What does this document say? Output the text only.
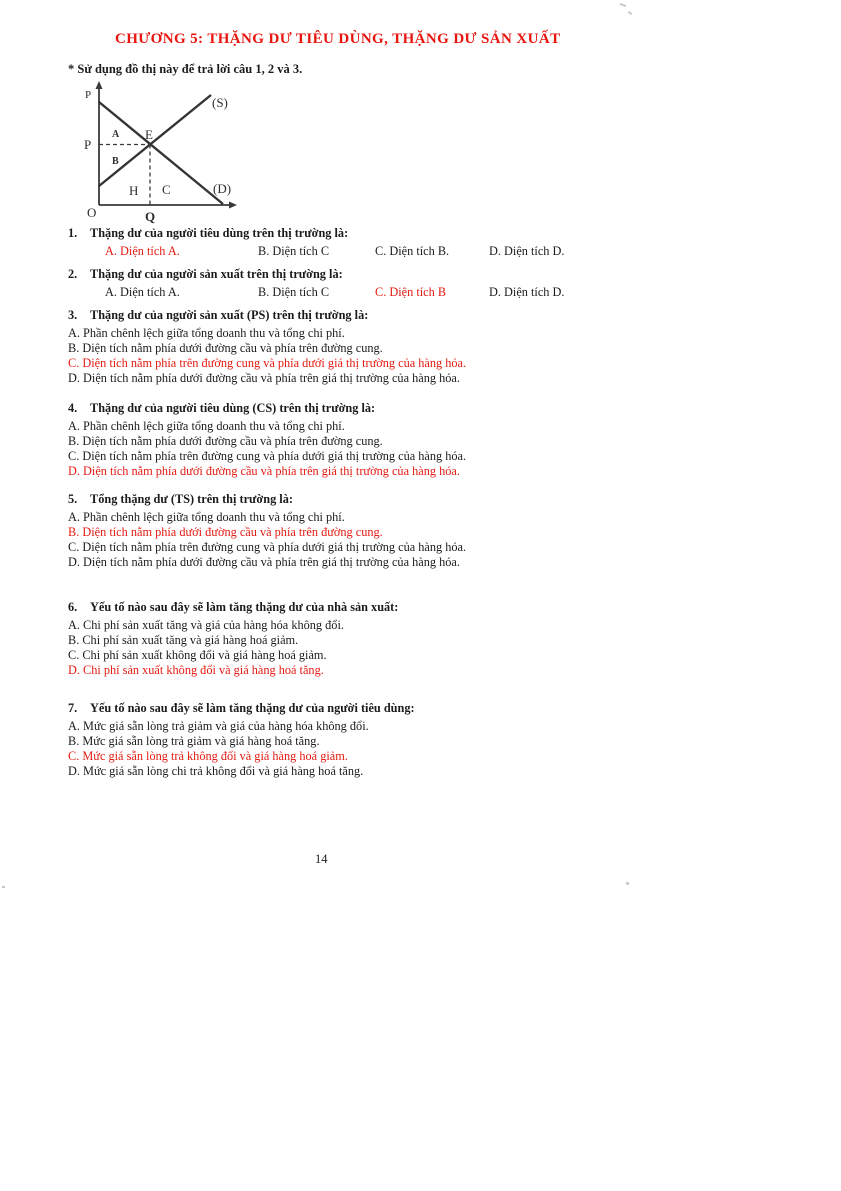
CHƯƠNG 5: THẶNG DƯ TIÊU DÙNG, THẶNG DƯ SẢN XUẤT
* Sử dụng đồ thị này để trả lời câu 1, 2 và 3.
P
P
O	Q
E
(S)
(D)
A
B
H C
1. Thặng dư của người tiêu dùng trên thị trường là:
A. Diện tích A.	B. Diện tích C	C. Diện tích B.	D. Diện tích D.
2. Thặng dư của người sản xuất trên thị trường là:
A. Diện tích A.	B. Diện tích C	C. Diện tích B	D. Diện tích D.
3. Thặng dư của người sản xuất (PS) trên thị trường là:
A. Phần chênh lệch giữa tổng doanh thu và tổng chi phí.
B. Diện tích nằm phía dưới đường cầu và phía trên đường cung.
C. Diện tích nằm phía trên đường cung và phía dưới giá thị trường của hàng hóa.
D. Diện tích nằm phía dưới đường cầu và phía trên giá thị trường của hàng hóa.
4. Thặng dư của người tiêu dùng (CS) trên thị trường là:
A. Phần chênh lệch giữa tổng doanh thu và tổng chi phí.
B. Diện tích nằm phía dưới đường cầu và phía trên đường cung.
C. Diện tích nằm phía trên đường cung và phía dưới giá thị trường của hàng hóa.
D. Diện tích nằm phía dưới đường cầu và phía trên giá thị trường của hàng hóa.
5. Tổng thặng dư (TS) trên thị trường là:
A. Phần chênh lệch giữa tổng doanh thu và tổng chi phí.
B. Diện tích nằm phía dưới đường cầu và phía trên đường cung.
C. Diện tích nằm phía trên đường cung và phía dưới giá thị trường của hàng hóa.
D. Diện tích nằm phía dưới đường cầu và phía trên giá thị trường của hàng hóa.
6. Yếu tố nào sau đây sẽ làm tăng thặng dư của nhà sản xuất:
A. Chi phí sản xuất tăng và giá của hàng hóa không đổi.
B. Chi phí sản xuất tăng và giá hàng hoá giảm.
C. Chi phí sản xuất không đổi và giá hàng hoá giảm.
D. Chi phí sản xuất không đổi và giá hàng hoá tăng.
7. Yếu tố nào sau đây sẽ làm tăng thặng dư của người tiêu dùng:
A. Mức giá sẵn lòng trả giảm và giá của hàng hóa không đổi.
B. Mức giá sẵn lòng trả giảm và giá hàng hoá tăng.
C. Mức giá sẵn lòng trả không đổi và giá hàng hoá giảm.
D. Mức giá sẵn lòng chi trả không đổi và giá hàng hoá tăng.
14
